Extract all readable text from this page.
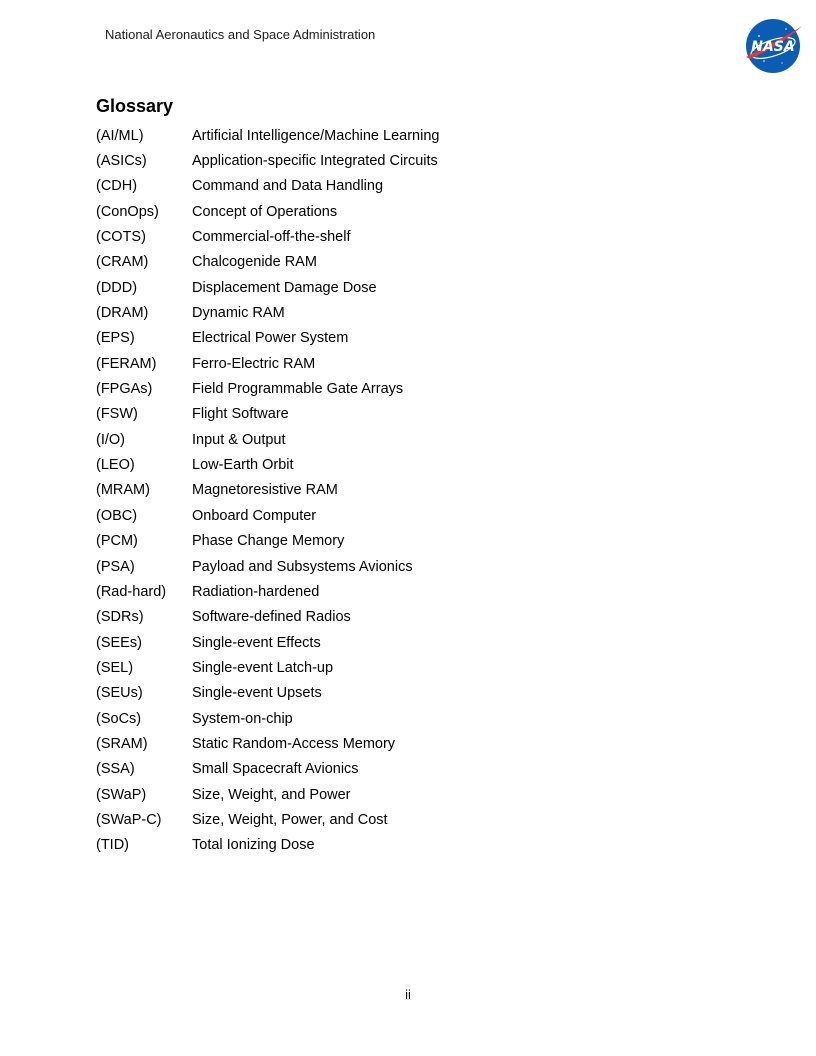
National Aeronautics and Space Administration
NASA
Glossary
(AI/ML)	Artificial Intelligence/Machine Learning
(ASICs)	Application-specific Integrated Circuits
(CDH)	Command and Data Handling
(ConOps)	Concept of Operations
(COTS)	Commercial-off-the-shelf
(CRAM)	Chalcogenide RAM
(DDD)	Displacement Damage Dose
(DRAM)	Dynamic RAM
(EPS)	Electrical Power System
(FERAM)	Ferro-Electric RAM
(FPGAs)	Field Programmable Gate Arrays
(FSW)	Flight Software
(I/O)	Input & Output
(LEO)	Low-Earth Orbit
(MRAM)	Magnetoresistive RAM
(OBC)	Onboard Computer
(PCM)	Phase Change Memory
(PSA)	Payload and Subsystems Avionics
(Rad-hard)	Radiation-hardened
(SDRs)	Software-defined Radios
(SEEs)	Single-event Effects
(SEL)	Single-event Latch-up
(SEUs)	Single-event Upsets
(SoCs)	System-on-chip
(SRAM)	Static Random-Access Memory
(SSA)	Small Spacecraft Avionics
(SWaP)	Size, Weight, and Power
(SWaP-C)	Size, Weight, Power, and Cost
(TID)	Total Ionizing Dose
ii
